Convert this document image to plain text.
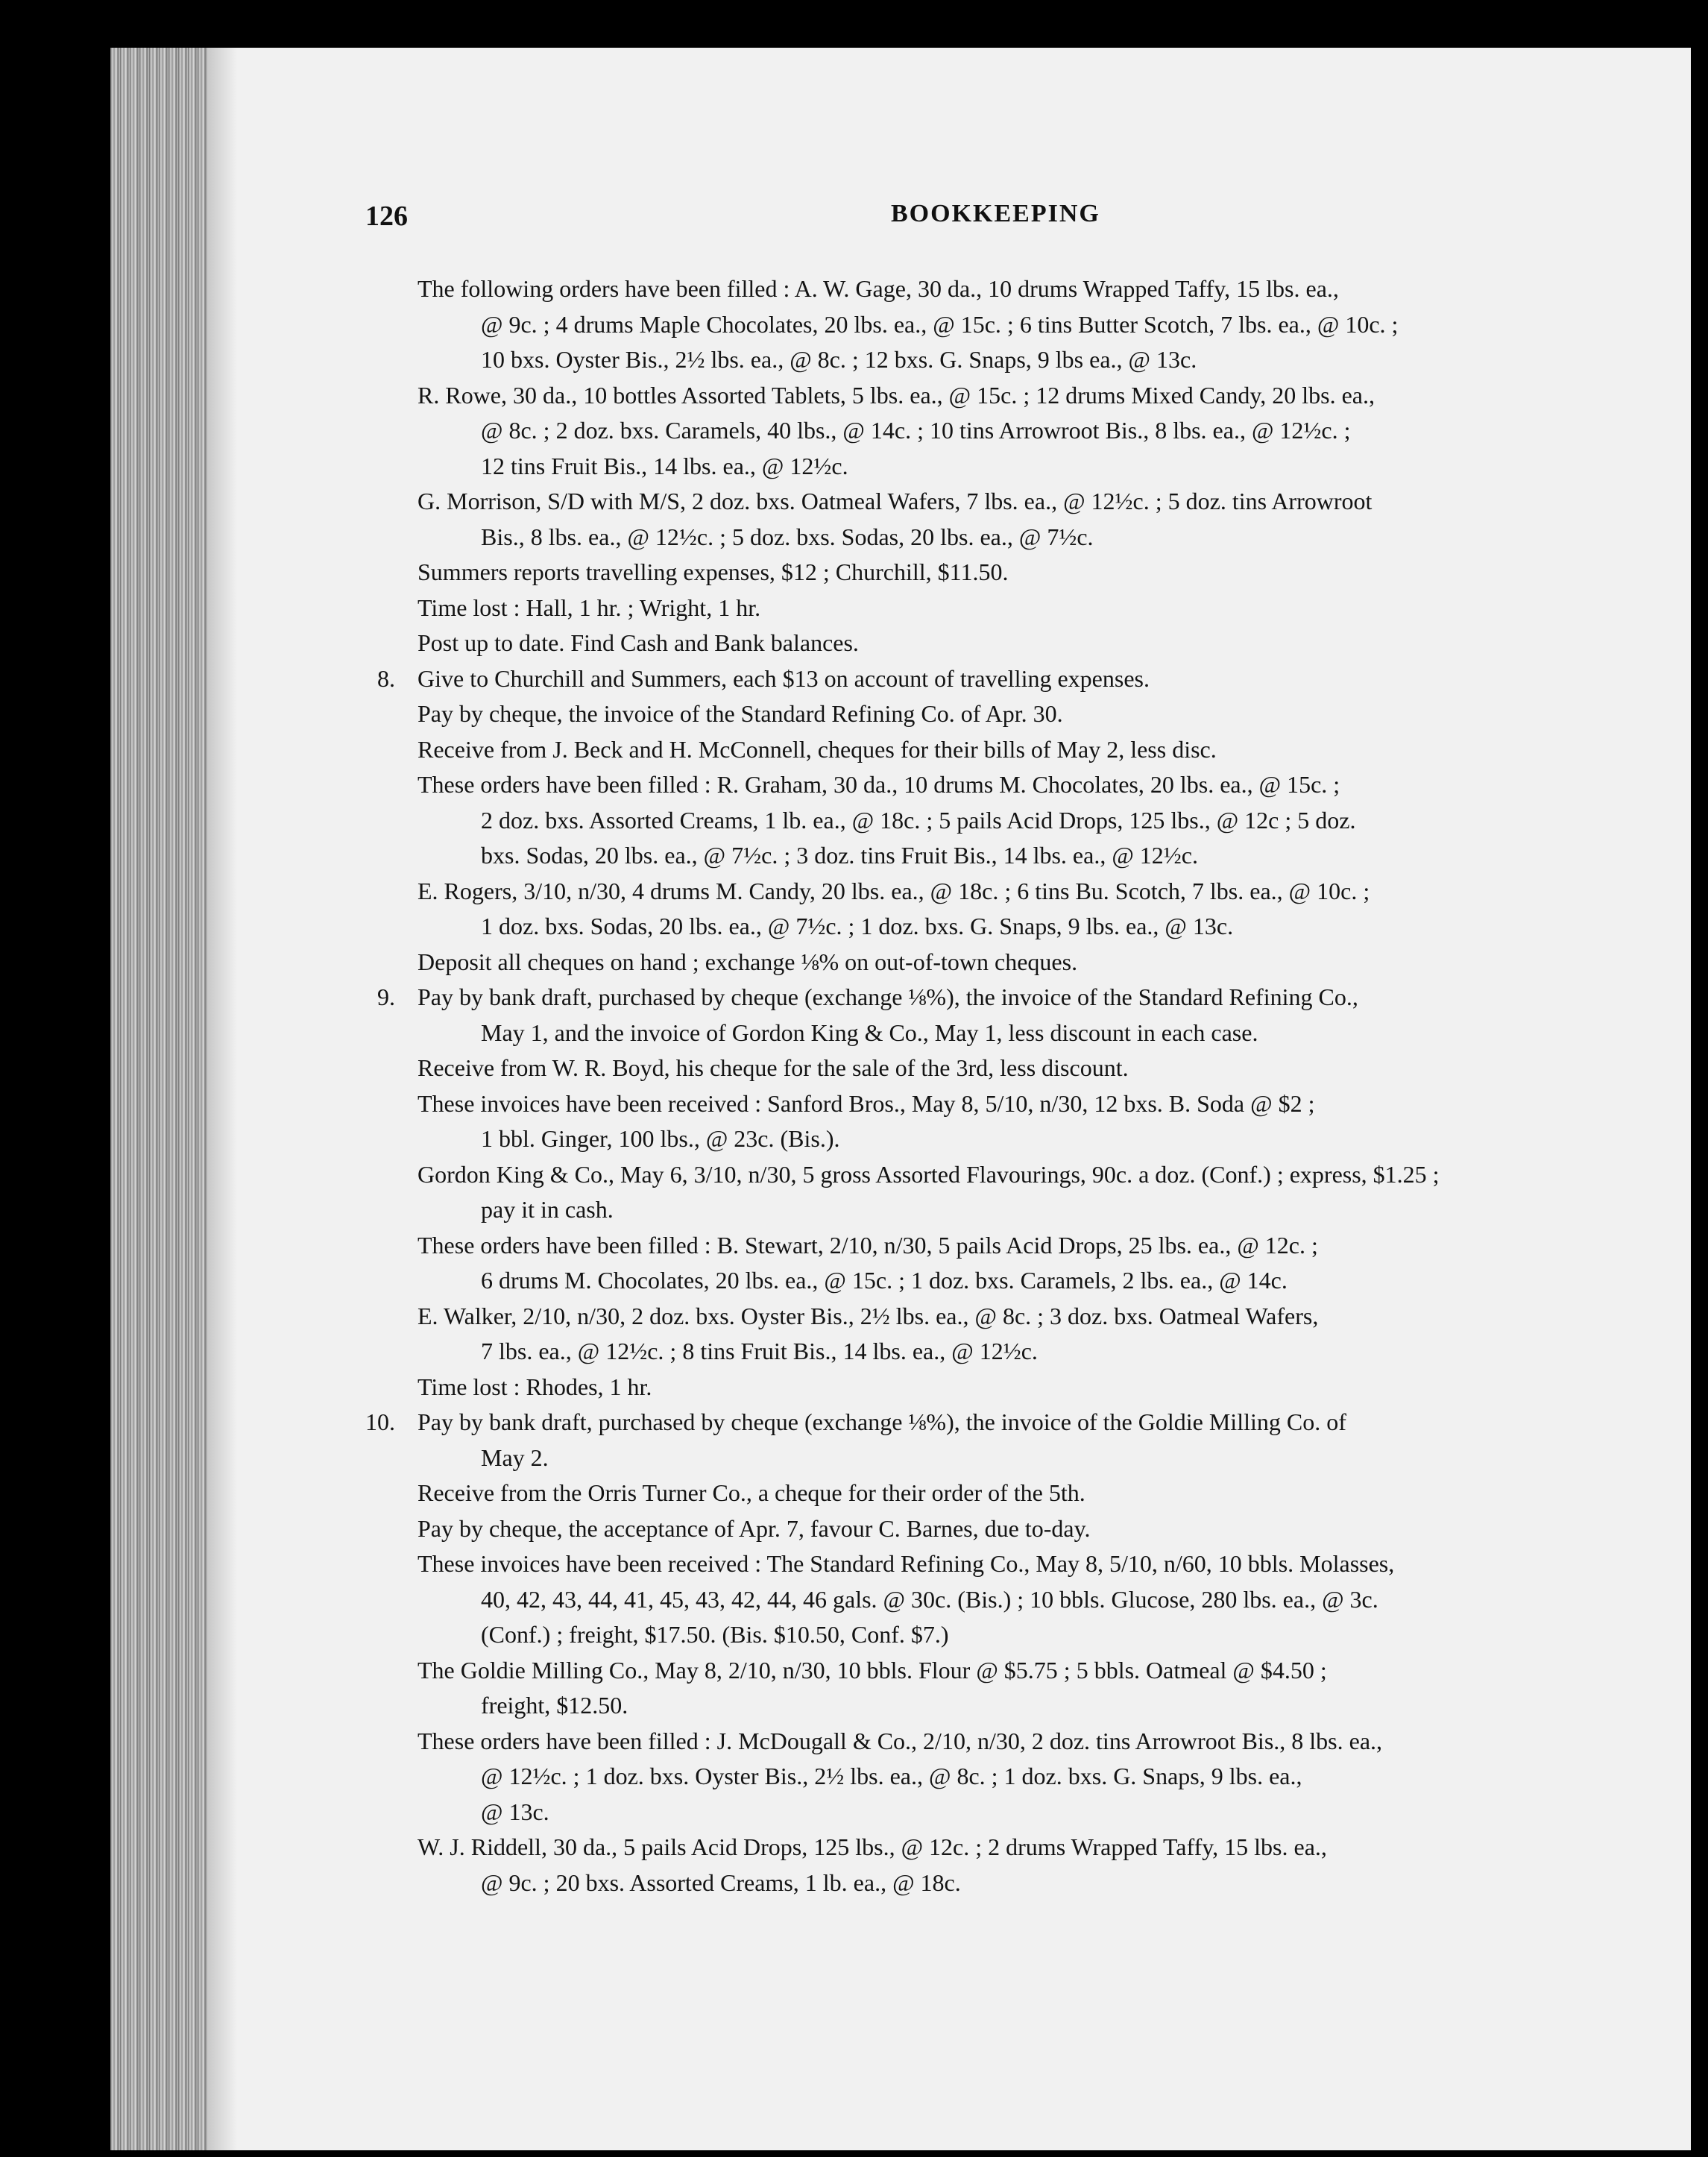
126	BOOKKEEPING
The following orders have been filled : A. W. Gage, 30 da., 10 drums Wrapped Taffy, 15 lbs. ea.,
@ 9c. ; 4 drums Maple Chocolates, 20 lbs. ea., @ 15c. ; 6 tins Butter Scotch, 7 lbs. ea., @ 10c. ;
10 bxs. Oyster Bis., 2½ lbs. ea., @ 8c. ; 12 bxs. G. Snaps, 9 lbs ea., @ 13c.
R. Rowe, 30 da., 10 bottles Assorted Tablets, 5 lbs. ea., @ 15c. ; 12 drums Mixed Candy, 20 lbs. ea.,
@ 8c. ; 2 doz. bxs. Caramels, 40 lbs., @ 14c. ; 10 tins Arrowroot Bis., 8 lbs. ea., @ 12½c. ;
12 tins Fruit Bis., 14 lbs. ea., @ 12½c.
G. Morrison, S/D with M/S, 2 doz. bxs. Oatmeal Wafers, 7 lbs. ea., @ 12½c. ; 5 doz. tins Arrowroot
Bis., 8 lbs. ea., @ 12½c. ; 5 doz. bxs. Sodas, 20 lbs. ea., @ 7½c.
Summers reports travelling expenses, $12 ; Churchill, $11.50.
Time lost : Hall, 1 hr. ; Wright, 1 hr.
Post up to date. Find Cash and Bank balances.
8. Give to Churchill and Summers, each $13 on account of travelling expenses.
Pay by cheque, the invoice of the Standard Refining Co. of Apr. 30.
Receive from J. Beck and H. McConnell, cheques for their bills of May 2, less disc.
These orders have been filled : R. Graham, 30 da., 10 drums M. Chocolates, 20 lbs. ea., @ 15c. ;
2 doz. bxs. Assorted Creams, 1 lb. ea., @ 18c. ; 5 pails Acid Drops, 125 lbs., @ 12c ; 5 doz.
bxs. Sodas, 20 lbs. ea., @ 7½c. ; 3 doz. tins Fruit Bis., 14 lbs. ea., @ 12½c.
E. Rogers, 3/10, n/30, 4 drums M. Candy, 20 lbs. ea., @ 18c. ; 6 tins Bu. Scotch, 7 lbs. ea., @ 10c. ;
1 doz. bxs. Sodas, 20 lbs. ea., @ 7½c. ; 1 doz. bxs. G. Snaps, 9 lbs. ea., @ 13c.
Deposit all cheques on hand ; exchange ⅛% on out-of-town cheques.
9. Pay by bank draft, purchased by cheque (exchange ⅛%), the invoice of the Standard Refining Co.,
May 1, and the invoice of Gordon King & Co., May 1, less discount in each case.
Receive from W. R. Boyd, his cheque for the sale of the 3rd, less discount.
These invoices have been received : Sanford Bros., May 8, 5/10, n/30, 12 bxs. B. Soda @ $2 ;
1 bbl. Ginger, 100 lbs., @ 23c. (Bis.).
Gordon King & Co., May 6, 3/10, n/30, 5 gross Assorted Flavourings, 90c. a doz. (Conf.) ; express, $1.25 ;
pay it in cash.
These orders have been filled : B. Stewart, 2/10, n/30, 5 pails Acid Drops, 25 lbs. ea., @ 12c. ;
6 drums M. Chocolates, 20 lbs. ea., @ 15c. ; 1 doz. bxs. Caramels, 2 lbs. ea., @ 14c.
E. Walker, 2/10, n/30, 2 doz. bxs. Oyster Bis., 2½ lbs. ea., @ 8c. ; 3 doz. bxs. Oatmeal Wafers,
7 lbs. ea., @ 12½c. ; 8 tins Fruit Bis., 14 lbs. ea., @ 12½c.
Time lost : Rhodes, 1 hr.
10. Pay by bank draft, purchased by cheque (exchange ⅛%), the invoice of the Goldie Milling Co. of
May 2.
Receive from the Orris Turner Co., a cheque for their order of the 5th.
Pay by cheque, the acceptance of Apr. 7, favour C. Barnes, due to-day.
These invoices have been received : The Standard Refining Co., May 8, 5/10, n/60, 10 bbls. Molasses,
40, 42, 43, 44, 41, 45, 43, 42, 44, 46 gals. @ 30c. (Bis.) ; 10 bbls. Glucose, 280 lbs. ea., @ 3c.
(Conf.) ; freight, $17.50. (Bis. $10.50, Conf. $7.)
The Goldie Milling Co., May 8, 2/10, n/30, 10 bbls. Flour @ $5.75 ; 5 bbls. Oatmeal @ $4.50 ;
freight, $12.50.
These orders have been filled : J. McDougall & Co., 2/10, n/30, 2 doz. tins Arrowroot Bis., 8 lbs. ea.,
@ 12½c. ; 1 doz. bxs. Oyster Bis., 2½ lbs. ea., @ 8c. ; 1 doz. bxs. G. Snaps, 9 lbs. ea.,
@ 13c.
W. J. Riddell, 30 da., 5 pails Acid Drops, 125 lbs., @ 12c. ; 2 drums Wrapped Taffy, 15 lbs. ea.,
@ 9c. ; 20 bxs. Assorted Creams, 1 lb. ea., @ 18c.
